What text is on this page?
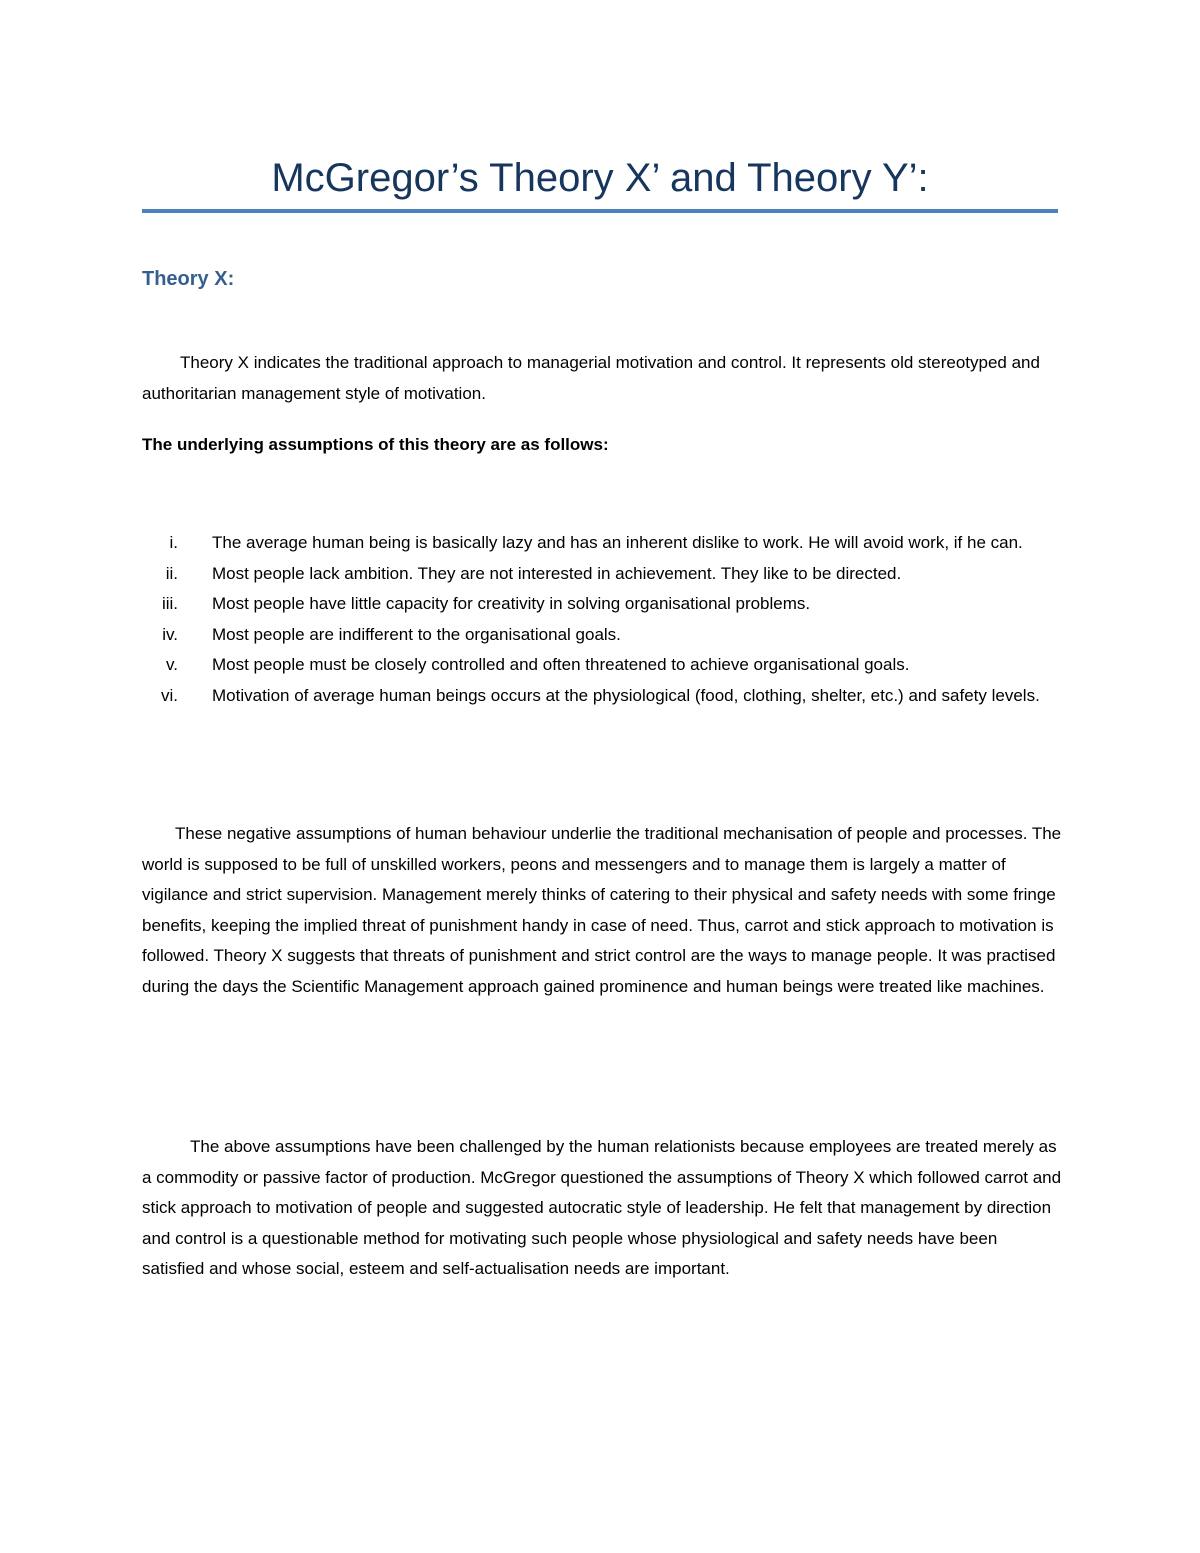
McGregor’s Theory X’ and Theory Y’:
Theory X:

Theory X indicates the traditional approach to managerial motivation and control. It represents old stereotyped and authoritarian management style of motivation.

The underlying assumptions of this theory are as follows:

i. The average human being is basically lazy and has an inherent dislike to work. He will avoid work, if he can.
ii. Most people lack ambition. They are not interested in achievement. They like to be directed.
iii. Most people have little capacity for creativity in solving organisational problems.
iv. Most people are indifferent to the organisational goals.
v. Most people must be closely controlled and often threatened to achieve organisational goals.
vi. Motivation of average human beings occurs at the physiological (food, clothing, shelter, etc.) and safety levels.

These negative assumptions of human behaviour underlie the traditional mechanisation of people and processes. The world is supposed to be full of unskilled workers, peons and messengers and to manage them is largely a matter of vigilance and strict supervision. Management merely thinks of catering to their physical and safety needs with some fringe benefits, keeping the implied threat of punishment handy in case of need. Thus, carrot and stick approach to motivation is followed. Theory X suggests that threats of punishment and strict control are the ways to manage people. It was practised during the days the Scientific Management approach gained prominence and human beings were treated like machines.

The above assumptions have been challenged by the human relationists because employees are treated merely as a commodity or passive factor of production. McGregor questioned the assumptions of Theory X which followed carrot and stick approach to motivation of people and suggested autocratic style of leadership. He felt that management by direction and control is a questionable method for motivating such people whose physiological and safety needs have been satisfied and whose social, esteem and self-actualisation needs are important.
